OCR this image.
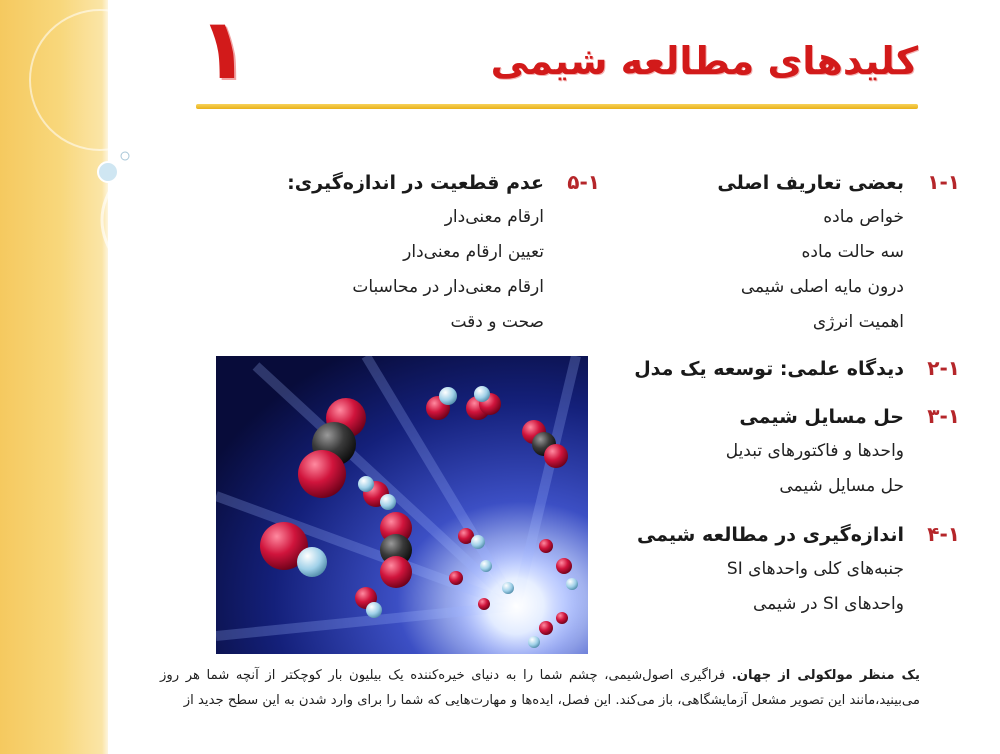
۱	کلیدهای مطالعه شیمی
۱-۱
بعضی تعاریف اصلی
خواص ماده
سه حالت ماده
درون مایه اصلی شیمی
اهمیت انرژی
۲-۱
دیدگاه علمی: توسعه یک مدل
۳-۱
حل مسایل شیمی
واحدها و فاکتورهای تبدیل
حل مسایل شیمی
۴-۱
اندازه‌گیری در مطالعه شیمی
جنبه‌های کلی واحدهای SI
واحدهای SI در شیمی
۵-۱
عدم قطعیت در اندازه‌گیری:
ارقام معنی‌دار
تعیین ارقام معنی‌دار
ارقام معنی‌دار در محاسبات
صحت و دقت
یک منظر مولکولی از جهان. فراگیری اصول‌شیمی، چشم شما را به دنیای خیره‌کننده یک بیلیون بار کوچکتر از آنچه شما هر روز می‌بینید،مانند این تصویر مشعل آزمایشگاهی، باز می‌کند. این فصل، ایده‌ها و مهارت‌هایی که شما را برای وارد شدن به این سطح جدید از
